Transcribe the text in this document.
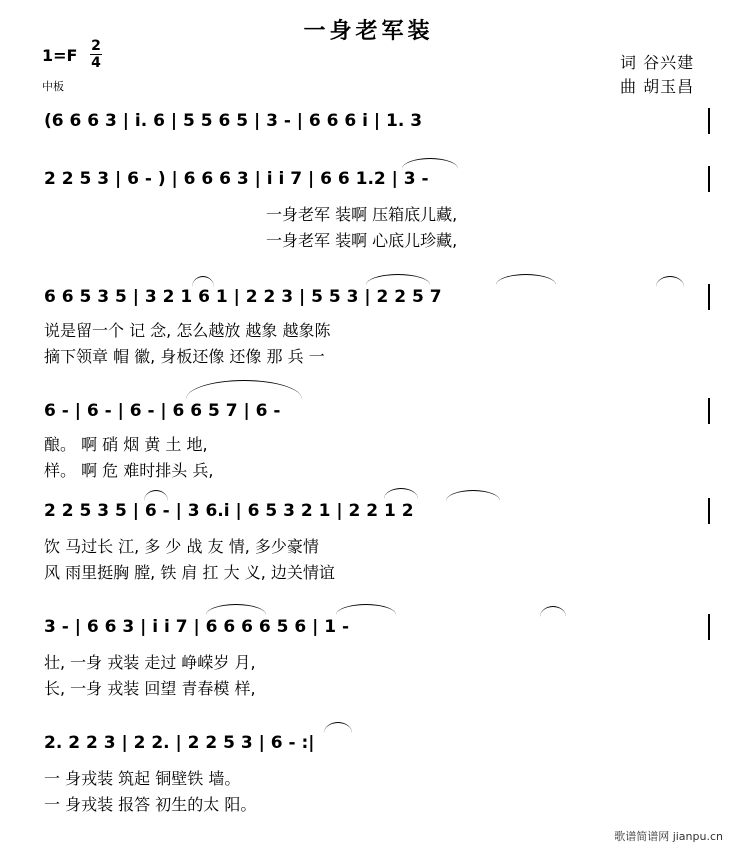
一身老军装
1=F 2
4
中板
词 谷兴建
曲 胡玉昌
(6 6 6 3 | i. 6 | 5 5 6 5 | 3 - | 6 6 6 i | 1. 3
2 2 5 3 | 6 - ) | 6 6 6 3 | i i 7 | 6 6 1.2 | 3 -
一身老军 装啊 压箱底儿藏,
一身老军 装啊 心底儿珍藏,
6 6 5 3 5 | 3 2 1 6 1 | 2 2 3 | 5 5 3 | 2 2 5 7
说是留一个 记 念, 怎么越放 越象 越象陈
摘下领章 帽 徽, 身板还像 还像 那 兵 一
6 - | 6 - | 6 - | 6 6 5 7 | 6 -
酿。 啊 硝 烟 黄 土 地,
样。 啊 危 难时排头 兵,
2 2 5 3 5 | 6 - | 3 6.i | 6 5 3 2 1 | 2 2 1 2
饮 马过长 江, 多 少 战 友 情, 多少豪情
风 雨里挺胸 膛, 铁 肩 扛 大 义, 边关情谊
3 - | 6 6 3 | i i 7 | 6 6 6 6 5 6 | 1 -
壮, 一身 戎装 走过 峥嵘岁 月,
长, 一身 戎装 回望 青春模 样,
2. 2 2 3 | 2 2. | 2 2 5 3 | 6 - :|
一 身戎装 筑起 铜壁铁 墙。
一 身戎装 报答 初生的太 阳。
歌谱简谱网 jianpu.cn
